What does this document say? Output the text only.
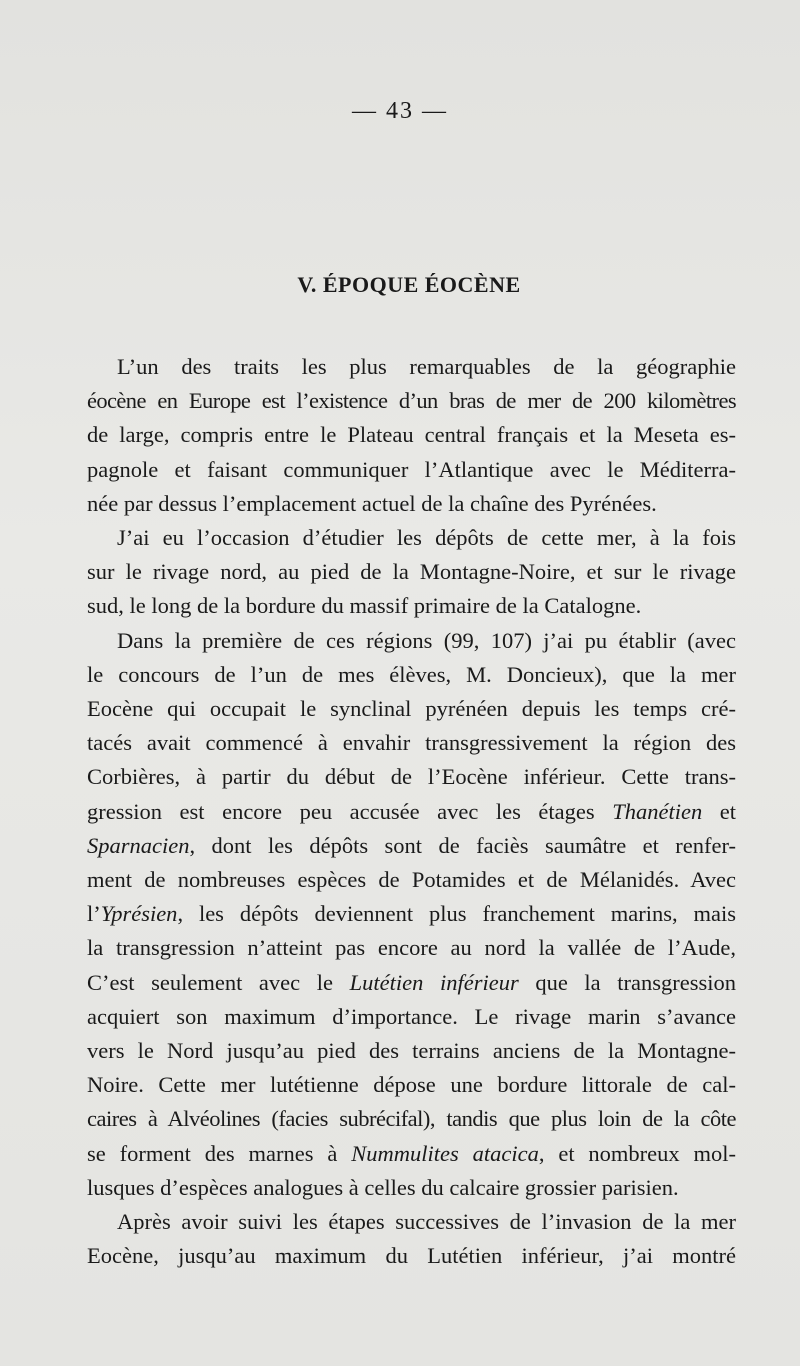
— 43 —
V. ÉPOQUE ÉOCÈNE
L’un des traits les plus remarquables de la géographie
éocène en Europe est l’existence d’un bras de mer de 200 kilomètres
de large, compris entre le Plateau central français et la Meseta es-
pagnole et faisant communiquer l’Atlantique avec le Méditerra-
née par dessus l’emplacement actuel de la chaîne des Pyrénées.
J’ai eu l’occasion d’étudier les dépôts de cette mer, à la fois
sur le rivage nord, au pied de la Montagne-Noire, et sur le rivage
sud, le long de la bordure du massif primaire de la Catalogne.
Dans la première de ces régions (99, 107) j’ai pu établir (avec
le concours de l’un de mes élèves, M. Doncieux), que la mer
Eocène qui occupait le synclinal pyrénéen depuis les temps cré-
tacés avait commencé à envahir transgressivement la région des
Corbières, à partir du début de l’Eocène inférieur. Cette trans-
gression est encore peu accusée avec les étages Thanétien et
Sparnacien, dont les dépôts sont de faciès saumâtre et renfer-
ment de nombreuses espèces de Potamides et de Mélanidés. Avec
l’Yprésien, les dépôts deviennent plus franchement marins, mais
la transgression n’atteint pas encore au nord la vallée de l’Aude,
C’est seulement avec le Lutétien inférieur que la transgression
acquiert son maximum d’importance. Le rivage marin s’avance
vers le Nord jusqu’au pied des terrains anciens de la Montagne-
Noire. Cette mer lutétienne dépose une bordure littorale de cal-
caires à Alvéolines (facies subrécifal), tandis que plus loin de la côte
se forment des marnes à Nummulites atacica, et nombreux mol-
lusques d’espèces analogues à celles du calcaire grossier parisien.
Après avoir suivi les étapes successives de l’invasion de la mer
Eocène, jusqu’au maximum du Lutétien inférieur, j’ai montré
